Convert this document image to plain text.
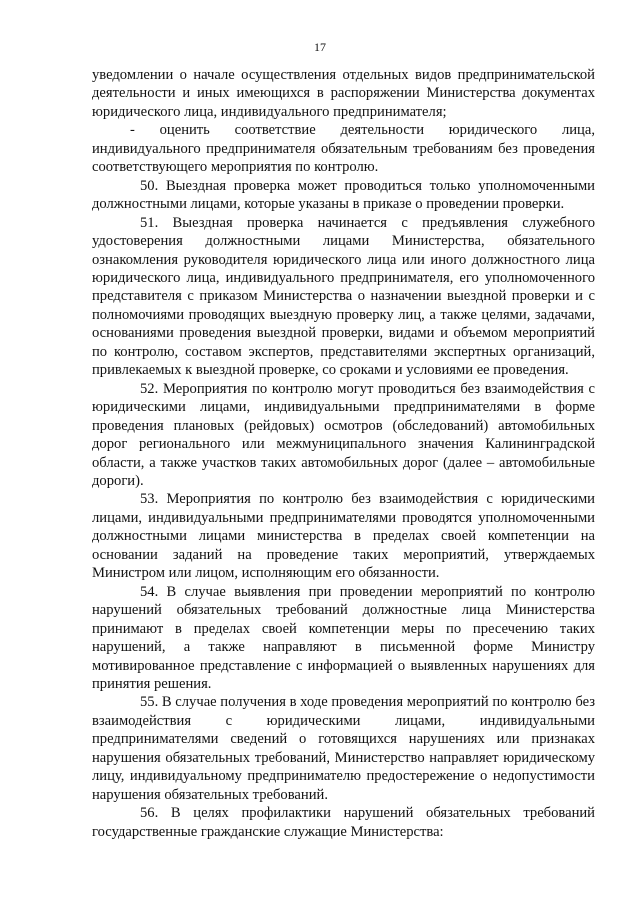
17

уведомлении о начале осуществления отдельных видов предпринимательской деятельности и иных имеющихся в распоряжении Министерства документах юридического лица, индивидуального предпринимателя;

- оценить соответствие деятельности юридического лица, индивидуального предпринимателя обязательным требованиям без проведения соответствующего мероприятия по контролю.

50. Выездная проверка может проводиться только уполномоченными должностными лицами, которые указаны в приказе о проведении проверки.

51. Выездная проверка начинается с предъявления служебного удостоверения должностными лицами Министерства, обязательного ознакомления руководителя юридического лица или иного должностного лица юридического лица, индивидуального предпринимателя, его уполномоченного представителя с приказом Министерства о назначении выездной проверки и с полномочиями проводящих выездную проверку лиц, а также целями, задачами, основаниями проведения выездной проверки, видами и объемом мероприятий по контролю, составом экспертов, представителями экспертных организаций, привлекаемых к выездной проверке, со сроками и условиями ее проведения.

52. Мероприятия по контролю могут проводиться без взаимодействия с юридическими лицами, индивидуальными предпринимателями в форме проведения плановых (рейдовых) осмотров (обследований) автомобильных дорог регионального или межмуниципального значения Калининградской области, а также участков таких автомобильных дорог (далее – автомобильные дороги).

53. Мероприятия по контролю без взаимодействия с юридическими лицами, индивидуальными предпринимателями проводятся уполномоченными должностными лицами министерства в пределах своей компетенции на основании заданий на проведение таких мероприятий, утверждаемых Министром или лицом, исполняющим его обязанности.

54. В случае выявления при проведении мероприятий по контролю нарушений обязательных требований должностные лица Министерства принимают в пределах своей компетенции меры по пресечению таких нарушений, а также направляют в письменной форме Министру мотивированное представление с информацией о выявленных нарушениях для принятия решения.

55. В случае получения в ходе проведения мероприятий по контролю без взаимодействия с юридическими лицами, индивидуальными предпринимателями сведений о готовящихся нарушениях или признаках нарушения обязательных требований, Министерство направляет юридическому лицу, индивидуальному предпринимателю предостережение о недопустимости нарушения обязательных требований.

56. В целях профилактики нарушений обязательных требований государственные гражданские служащие Министерства:
